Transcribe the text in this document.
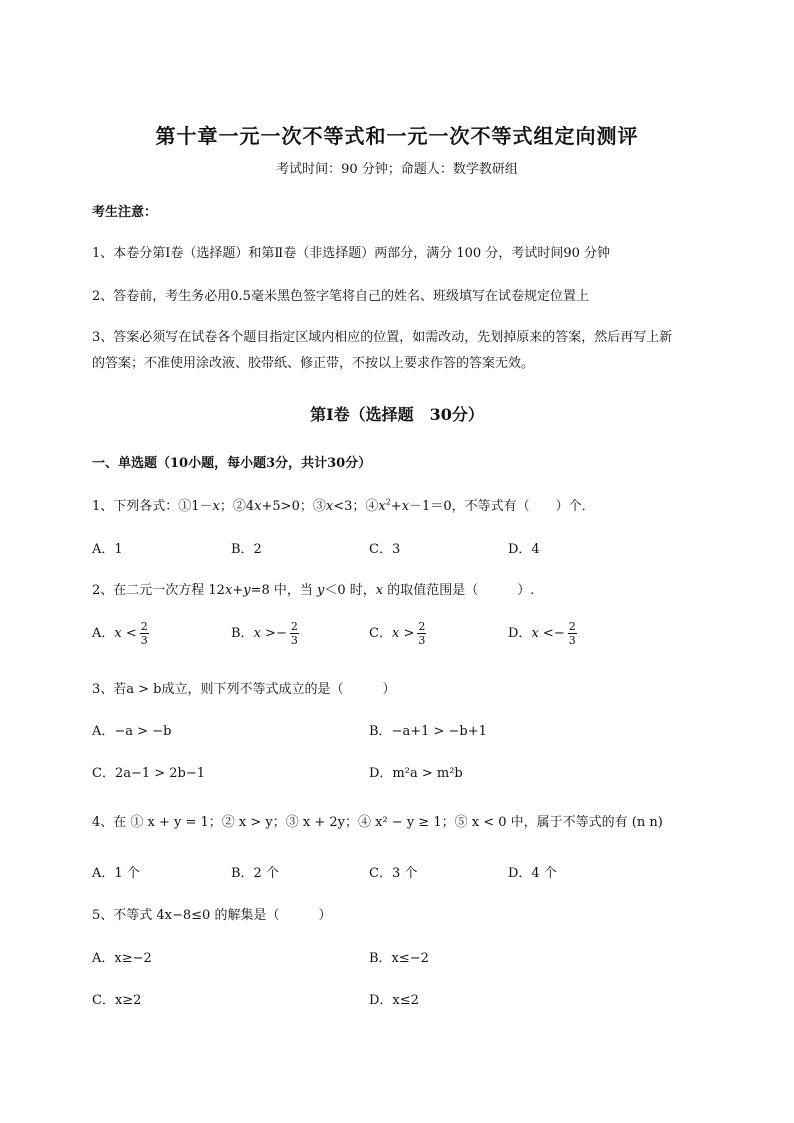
第十章一元一次不等式和一元一次不等式组定向测评
考试时间：90 分钟；命题人：数学教研组
考生注意：
1、本卷分第Ⅰ卷（选择题）和第Ⅱ卷（非选择题）两部分，满分 100 分，考试时间90 分钟
2、答卷前，考生务必用0.5毫米黑色签字笔将自己的姓名、班级填写在试卷规定位置上
3、答案必须写在试卷各个题目指定区域内相应的位置，如需改动，先划掉原来的答案，然后再写上新
的答案；不准使用涂改液、胶带纸、修正带，不按以上要求作答的答案无效。
第Ⅰ卷（选择题　30分）
一、单选题（10小题，每小题3分，共计30分）
1、下列各式：①1－x；②4x+5>0；③x<3；$④x^2+x-1=0$，不等式有（　　）个．
A．1	B．2	C．3	D．4
2、在二元一次方程 12x+y=8 中，当 y＜0 时，x 的取值范围是（　　　）.
A．$x < \frac{2}{3}$	B．$x >- \frac{2}{3}$	C．$x > \frac{2}{3}$	D．$x <- \frac{2}{3}$
3、若a > b成立，则下列不等式成立的是（　　　）
A．−a > −b	B．−a+1 > −b+1
C．2a−1 > 2b−1	D．m²a > m²b
4、在 ① x + y = 1；② x > y；③ x + 2y；④ x² − y ≥ 1；⑤ x < 0 中，属于不等式的有 (n n)
A．1 个	B．2 个	C．3 个	D．4 个
5、不等式 4x−8≤0 的解集是（　　　）
A．x≥−2	B．x≤−2
C．x≥2	D．x≤2
